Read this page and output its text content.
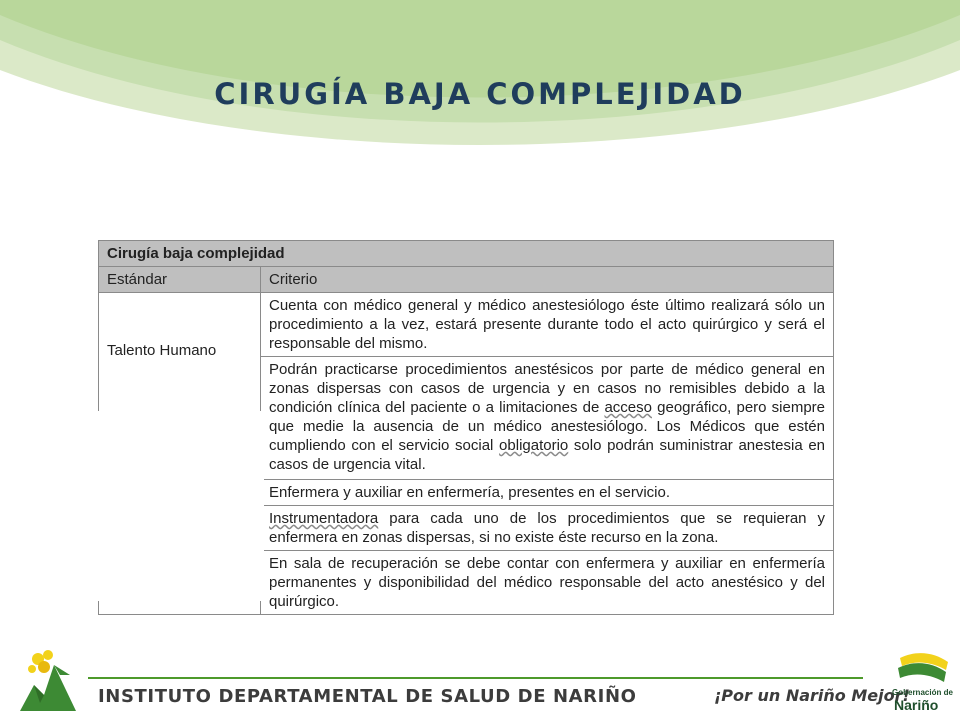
CIRUGÍA BAJA COMPLEJIDAD
Cirugía baja complejidad	
Estándar	Criterio
Talento Humano	Cuenta con médico general y médico anestesiólogo éste último realizará sólo un procedimiento a la vez, estará presente durante todo el acto quirúrgico y será el responsable del mismo.
	Podrán practicarse procedimientos anestésicos por parte de médico general en zonas dispersas con casos de urgencia y en casos no remisibles debido a la condición clínica del paciente o a limitaciones de acceso geográfico, pero siempre que medie la ausencia de un médico anestesiólogo. Los Médicos que estén cumpliendo con el servicio social obligatorio solo podrán suministrar anestesia en casos de urgencia vital.
	Enfermera y auxiliar en enfermería, presentes en el servicio.
	Instrumentadora para cada uno de los procedimientos que se requieran y enfermera en zonas dispersas, si no existe éste recurso en la zona.
	En sala de recuperación se debe contar con enfermera y auxiliar en enfermería permanentes y disponibilidad del médico responsable del acto anestésico y del quirúrgico.

INSTITUTO DEPARTAMENTAL DE SALUD DE NARIÑO	¡Por un Nariño Mejor!

Gobernación de
Nariño
